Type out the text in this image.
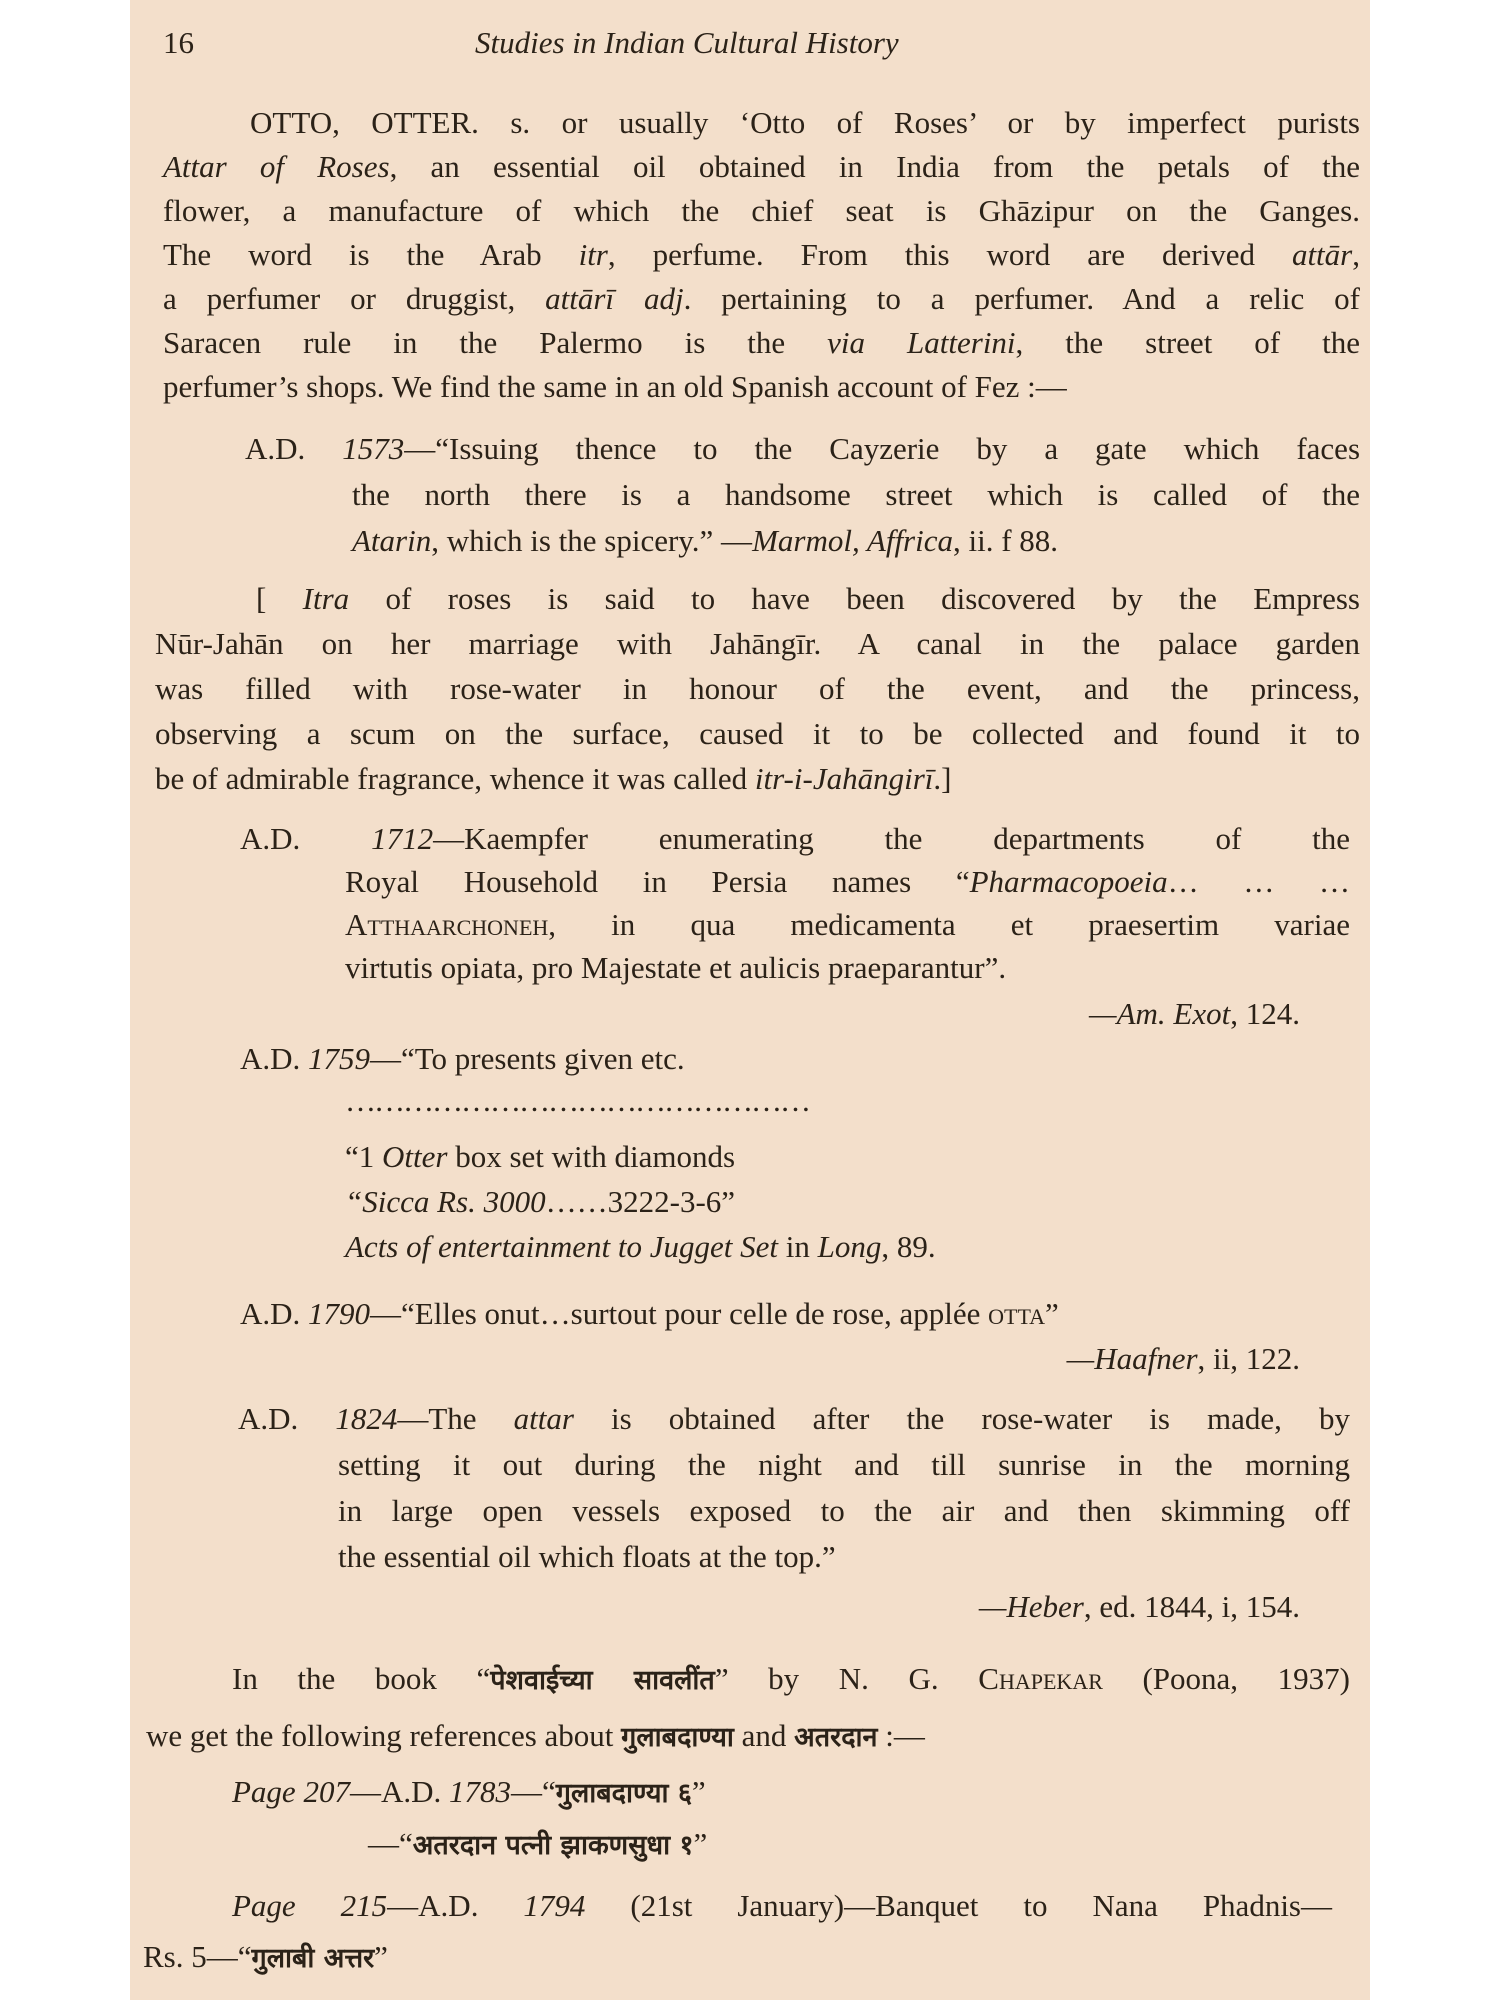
16	Studies in Indian Cultural History
OTTO, OTTER. s. or usually ‘Otto of Roses’ or by imperfect purists
Attar of Roses, an essential oil obtained in India from the petals of the
flower, a manufacture of which the chief seat is Ghāzipur on the Ganges.
The word is the Arab itr, perfume. From this word are derived attār,
a perfumer or druggist, attārī adj. pertaining to a perfumer. And a relic of
Saracen rule in the Palermo is the via Latterini, the street of the
perfumer’s shops. We find the same in an old Spanish account of Fez :—
A.D. 1573—“Issuing thence to the Cayzerie by a gate which faces
the north there is a handsome street which is called of the
Atarin, which is the spicery.” —Marmol, Affrica, ii. f 88.
[ Itra of roses is said to have been discovered by the Empress
Nūr-Jahān on her marriage with Jahāngīr. A canal in the palace garden
was filled with rose-water in honour of the event, and the princess,
observing a scum on the surface, caused it to be collected and found it to
be of admirable fragrance, whence it was called itr-i-Jahāngirī.]
A.D. 1712—Kaempfer enumerating the departments of the
Royal Household in Persia names “Pharmacopoeia… … …
Atthaarchoneh, in qua medicamenta et praesertim variae
virtutis opiata, pro Majestate et aulicis praeparantur”.
—Am. Exot, 124.
A.D. 1759—“To presents given etc.
…………………………………………
“1 Otter box set with diamonds
“Sicca Rs. 3000……3222-3-6”
Acts of entertainment to Jugget Set in Long, 89.
A.D. 1790—“Elles onut…surtout pour celle de rose, applée otta”
—Haafner, ii, 122.
A.D. 1824—The attar is obtained after the rose-water is made, by
setting it out during the night and till sunrise in the morning
in large open vessels exposed to the air and then skimming off
the essential oil which floats at the top.”
—Heber, ed. 1844, i, 154.
In the book “पेशवाईच्या सावलींत” by N. G. Chapekar (Poona, 1937)
we get the following references about गुलाबदाण्या and अतरदान :—
Page 207—A.D. 1783—“गुलाबदाण्या ६”
—“अतरदान पत्नी झाकणसुधा १”
Page 215—A.D. 1794 (21st January)—Banquet to Nana Phadnis—
Rs. 5—“गुलाबी अत्तर”
